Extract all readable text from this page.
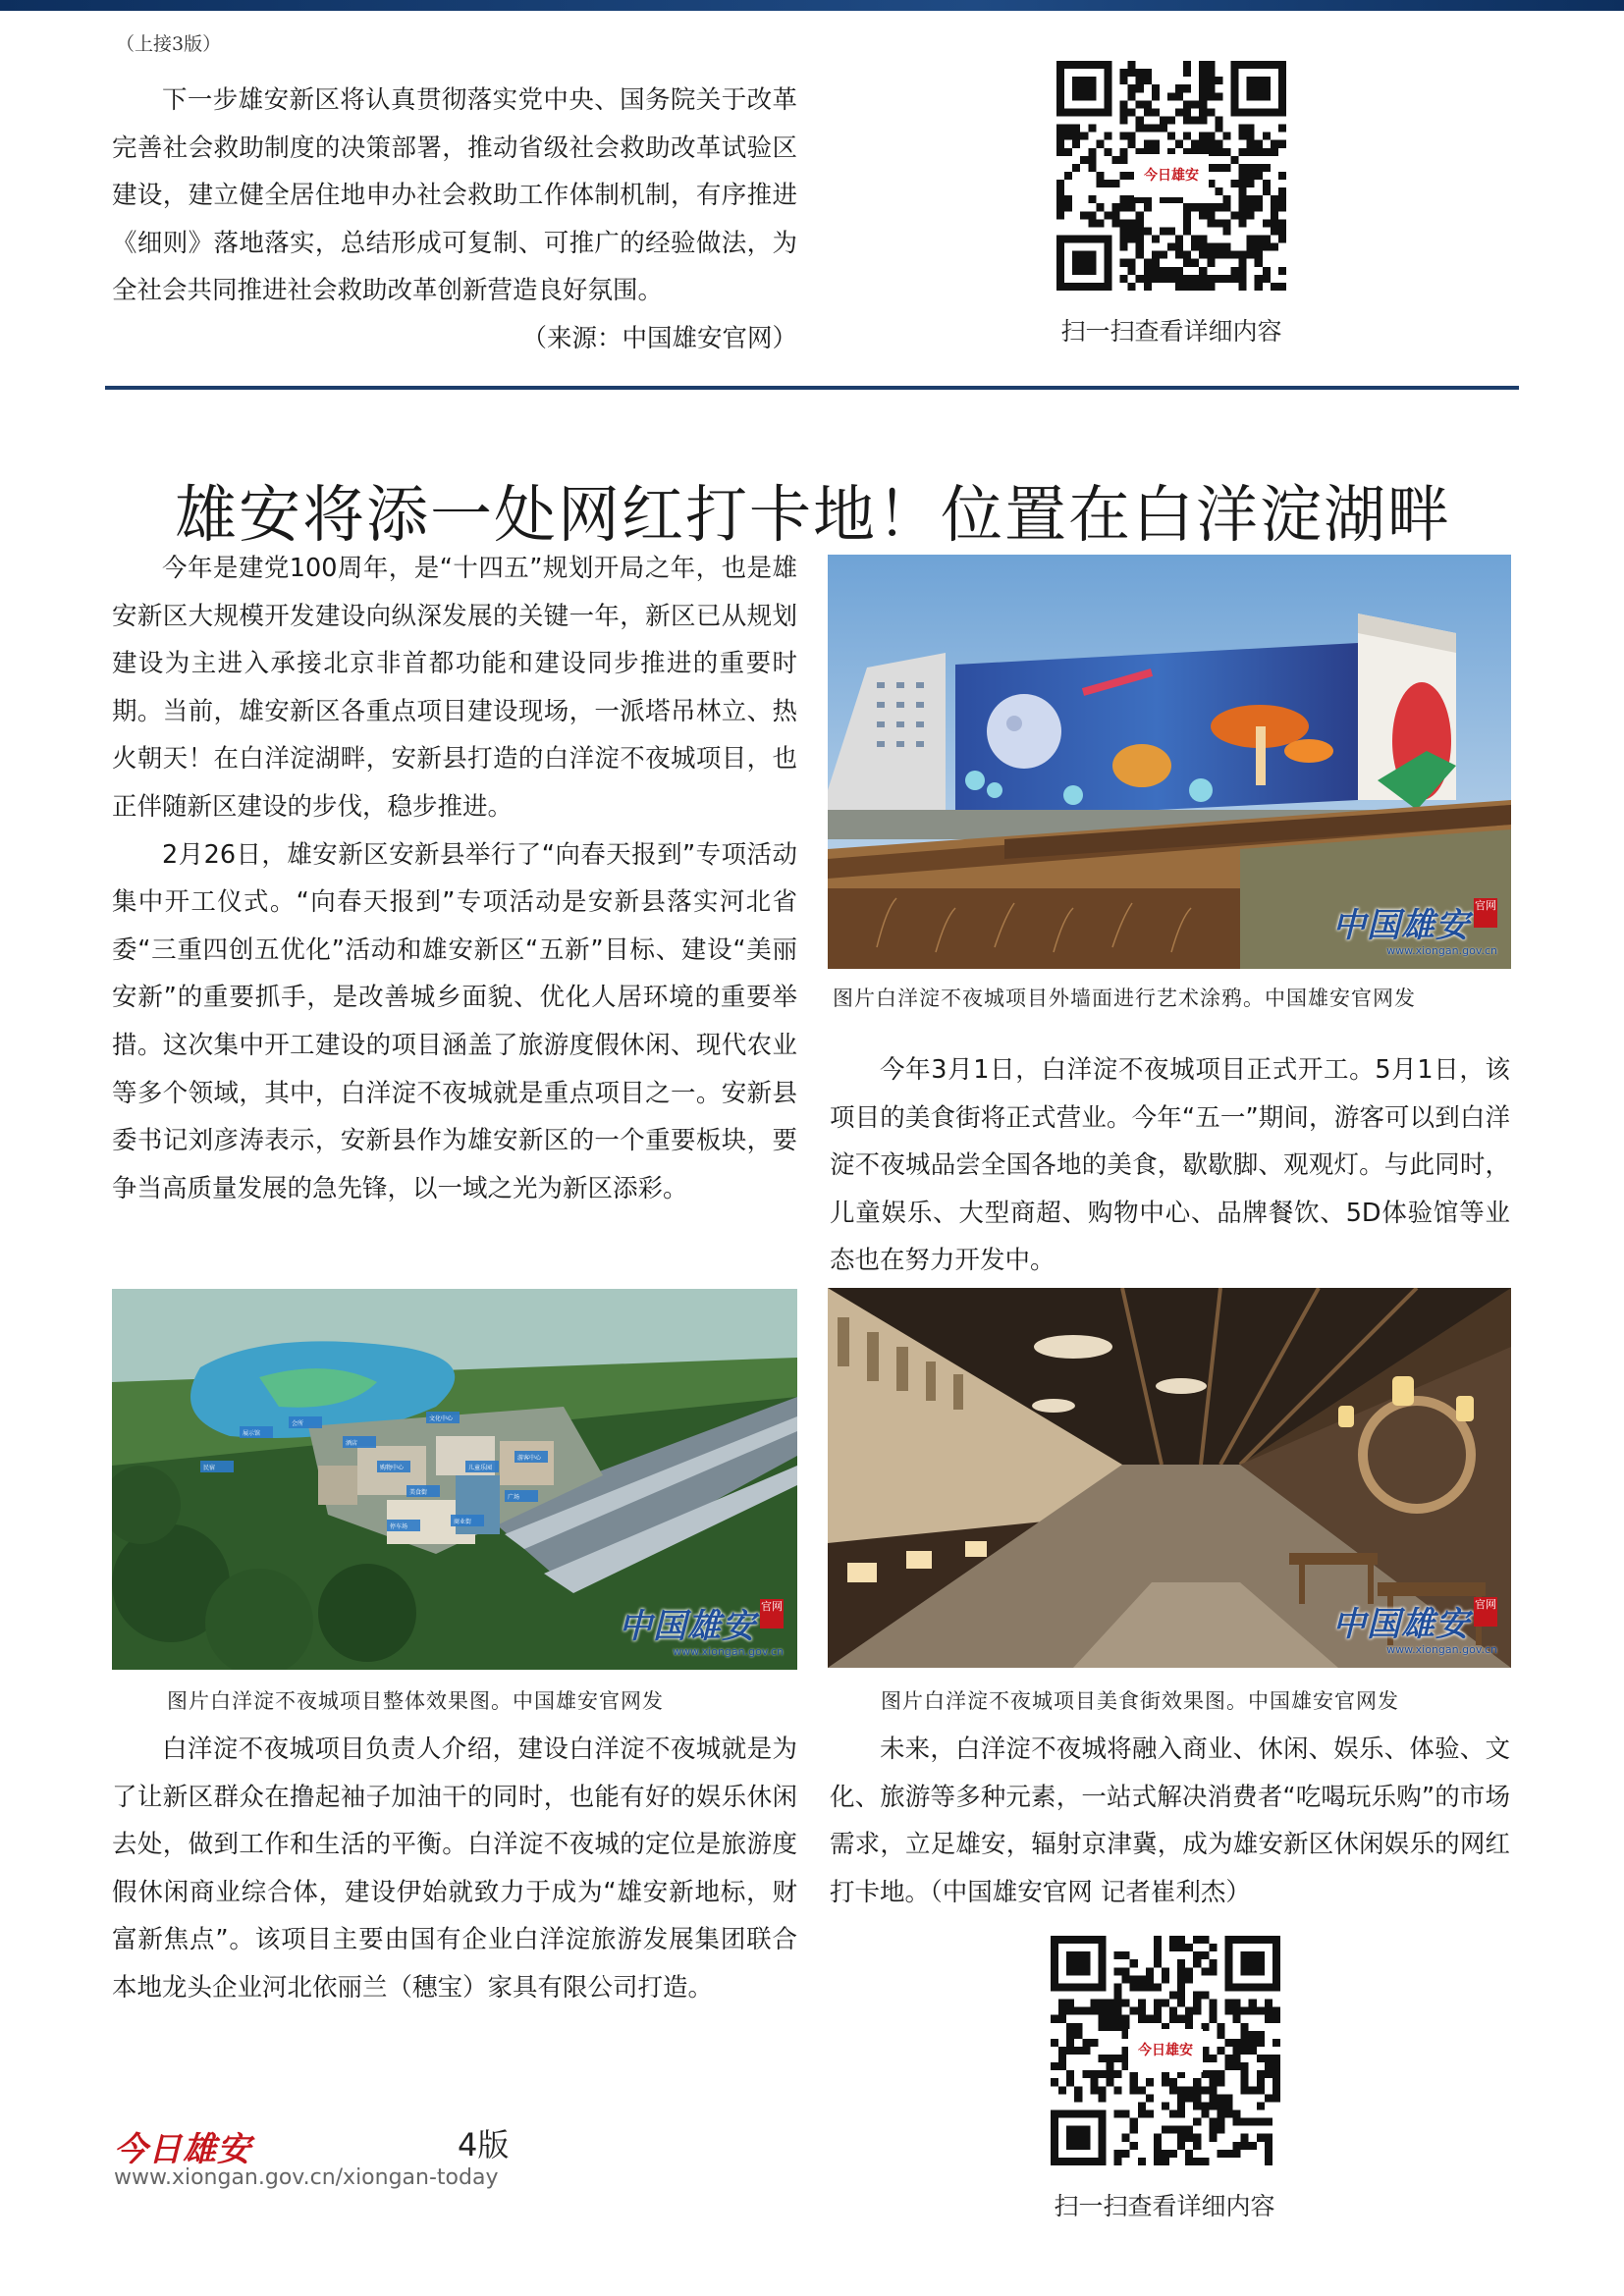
（上接3版）

下一步雄安新区将认真贯彻落实党中央、国务院关于改革完善社会救助制度的决策部署，推动省级社会救助改革试验区建设，建立健全居住地申办社会救助工作体制机制，有序推进《细则》落地落实，总结形成可复制、可推广的经验做法，为全社会共同推进社会救助改革创新营造良好氛围。

（来源：中国雄安官网）

今日雄安
扫一扫查看详细内容
雄安将添一处网红打卡地！位置在白洋淀湖畔

今年是建党100周年，是“十四五”规划开局之年，也是雄安新区大规模开发建设向纵深发展的关键一年，新区已从规划建设为主进入承接北京非首都功能和建设同步推进的重要时期。当前，雄安新区各重点项目建设现场，一派塔吊林立、热火朝天！在白洋淀湖畔，安新县打造的白洋淀不夜城项目，也正伴随新区建设的步伐，稳步推进。

2月26日，雄安新区安新县举行了“向春天报到”专项活动集中开工仪式。“向春天报到”专项活动是安新县落实河北省委“三重四创五优化”活动和雄安新区“五新”目标、建设“美丽安新”的重要抓手，是改善城乡面貌、优化人居环境的重要举措。这次集中开工建设的项目涵盖了旅游度假休闲、现代农业等多个领域，其中，白洋淀不夜城就是重点项目之一。安新县委书记刘彦涛表示，安新县作为雄安新区的一个重要板块，要争当高质量发展的急先锋，以一域之光为新区添彩。

文化中心
酒店
购物中心
美食街
儿童乐园
游客中心
商业街
停车场
展示馆
民宿
会所
广场
中国雄安官网
www.xiongan.gov.cn
图片白洋淀不夜城项目整体效果图。中国雄安官网发

白洋淀不夜城项目负责人介绍，建设白洋淀不夜城就是为了让新区群众在撸起袖子加油干的同时，也能有好的娱乐休闲去处，做到工作和生活的平衡。白洋淀不夜城的定位是旅游度假休闲商业综合体，建设伊始就致力于成为“雄安新地标，财富新焦点”。该项目主要由国有企业白洋淀旅游发展集团联合本地龙头企业河北依丽兰（穗宝）家具有限公司打造。

中国雄安官网
www.xiongan.gov.cn
图片白洋淀不夜城项目外墙面进行艺术涂鸦。中国雄安官网发

今年3月1日，白洋淀不夜城项目正式开工。5月1日，该项目的美食街将正式营业。今年“五一”期间，游客可以到白洋淀不夜城品尝全国各地的美食，歇歇脚、观观灯。与此同时，儿童娱乐、大型商超、购物中心、品牌餐饮、5D体验馆等业态也在努力开发中。

中国雄安官网
www.xiongan.gov.cn
图片白洋淀不夜城项目美食街效果图。中国雄安官网发

未来，白洋淀不夜城将融入商业、休闲、娱乐、体验、文化、旅游等多种元素，一站式解决消费者“吃喝玩乐购”的市场需求，立足雄安，辐射京津冀，成为雄安新区休闲娱乐的网红打卡地。（中国雄安官网 记者崔利杰）

今日雄安
扫一扫查看详细内容
今日雄安	4版
www.xiongan.gov.cn/xiongan-today
